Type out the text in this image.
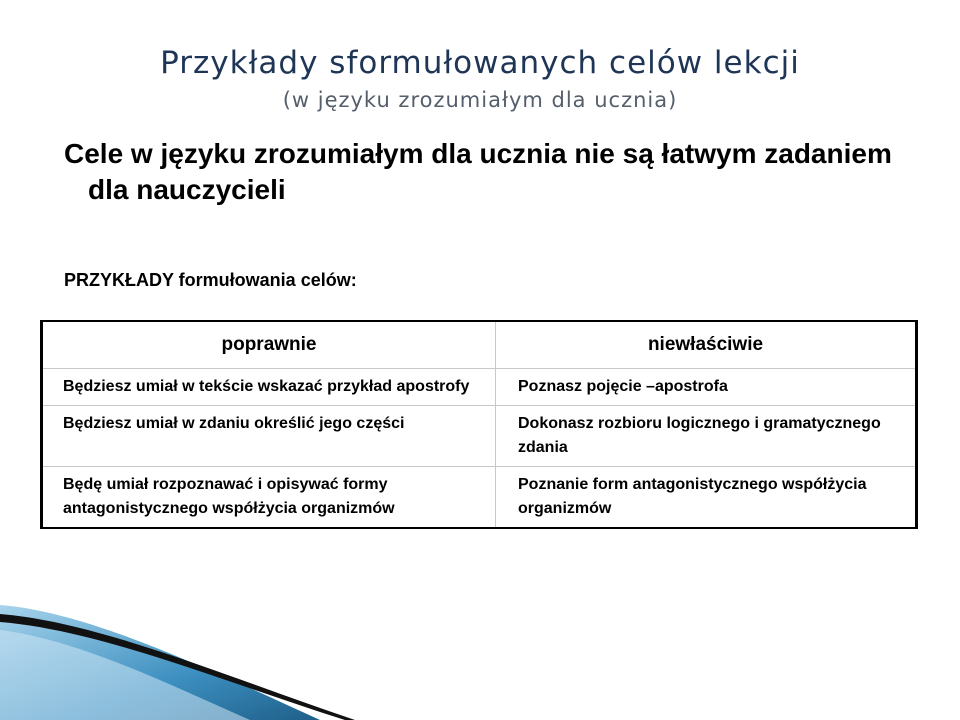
Przykłady sformułowanych celów lekcji
(w języku zrozumiałym dla ucznia)
Cele w języku zrozumiałym dla ucznia nie są łatwym zadaniem dla nauczycieli
PRZYKŁADY formułowania celów:
poprawnie	niewłaściwie
Będziesz umiał w tekście wskazać przykład apostrofy	Poznasz pojęcie –apostrofa
Będziesz umiał w zdaniu określić jego części	Dokonasz rozbioru logicznego i gramatycznego zdania
Będę umiał rozpoznawać i opisywać formy antagonistycznego współżycia organizmów	Poznanie form antagonistycznego współżycia organizmów
